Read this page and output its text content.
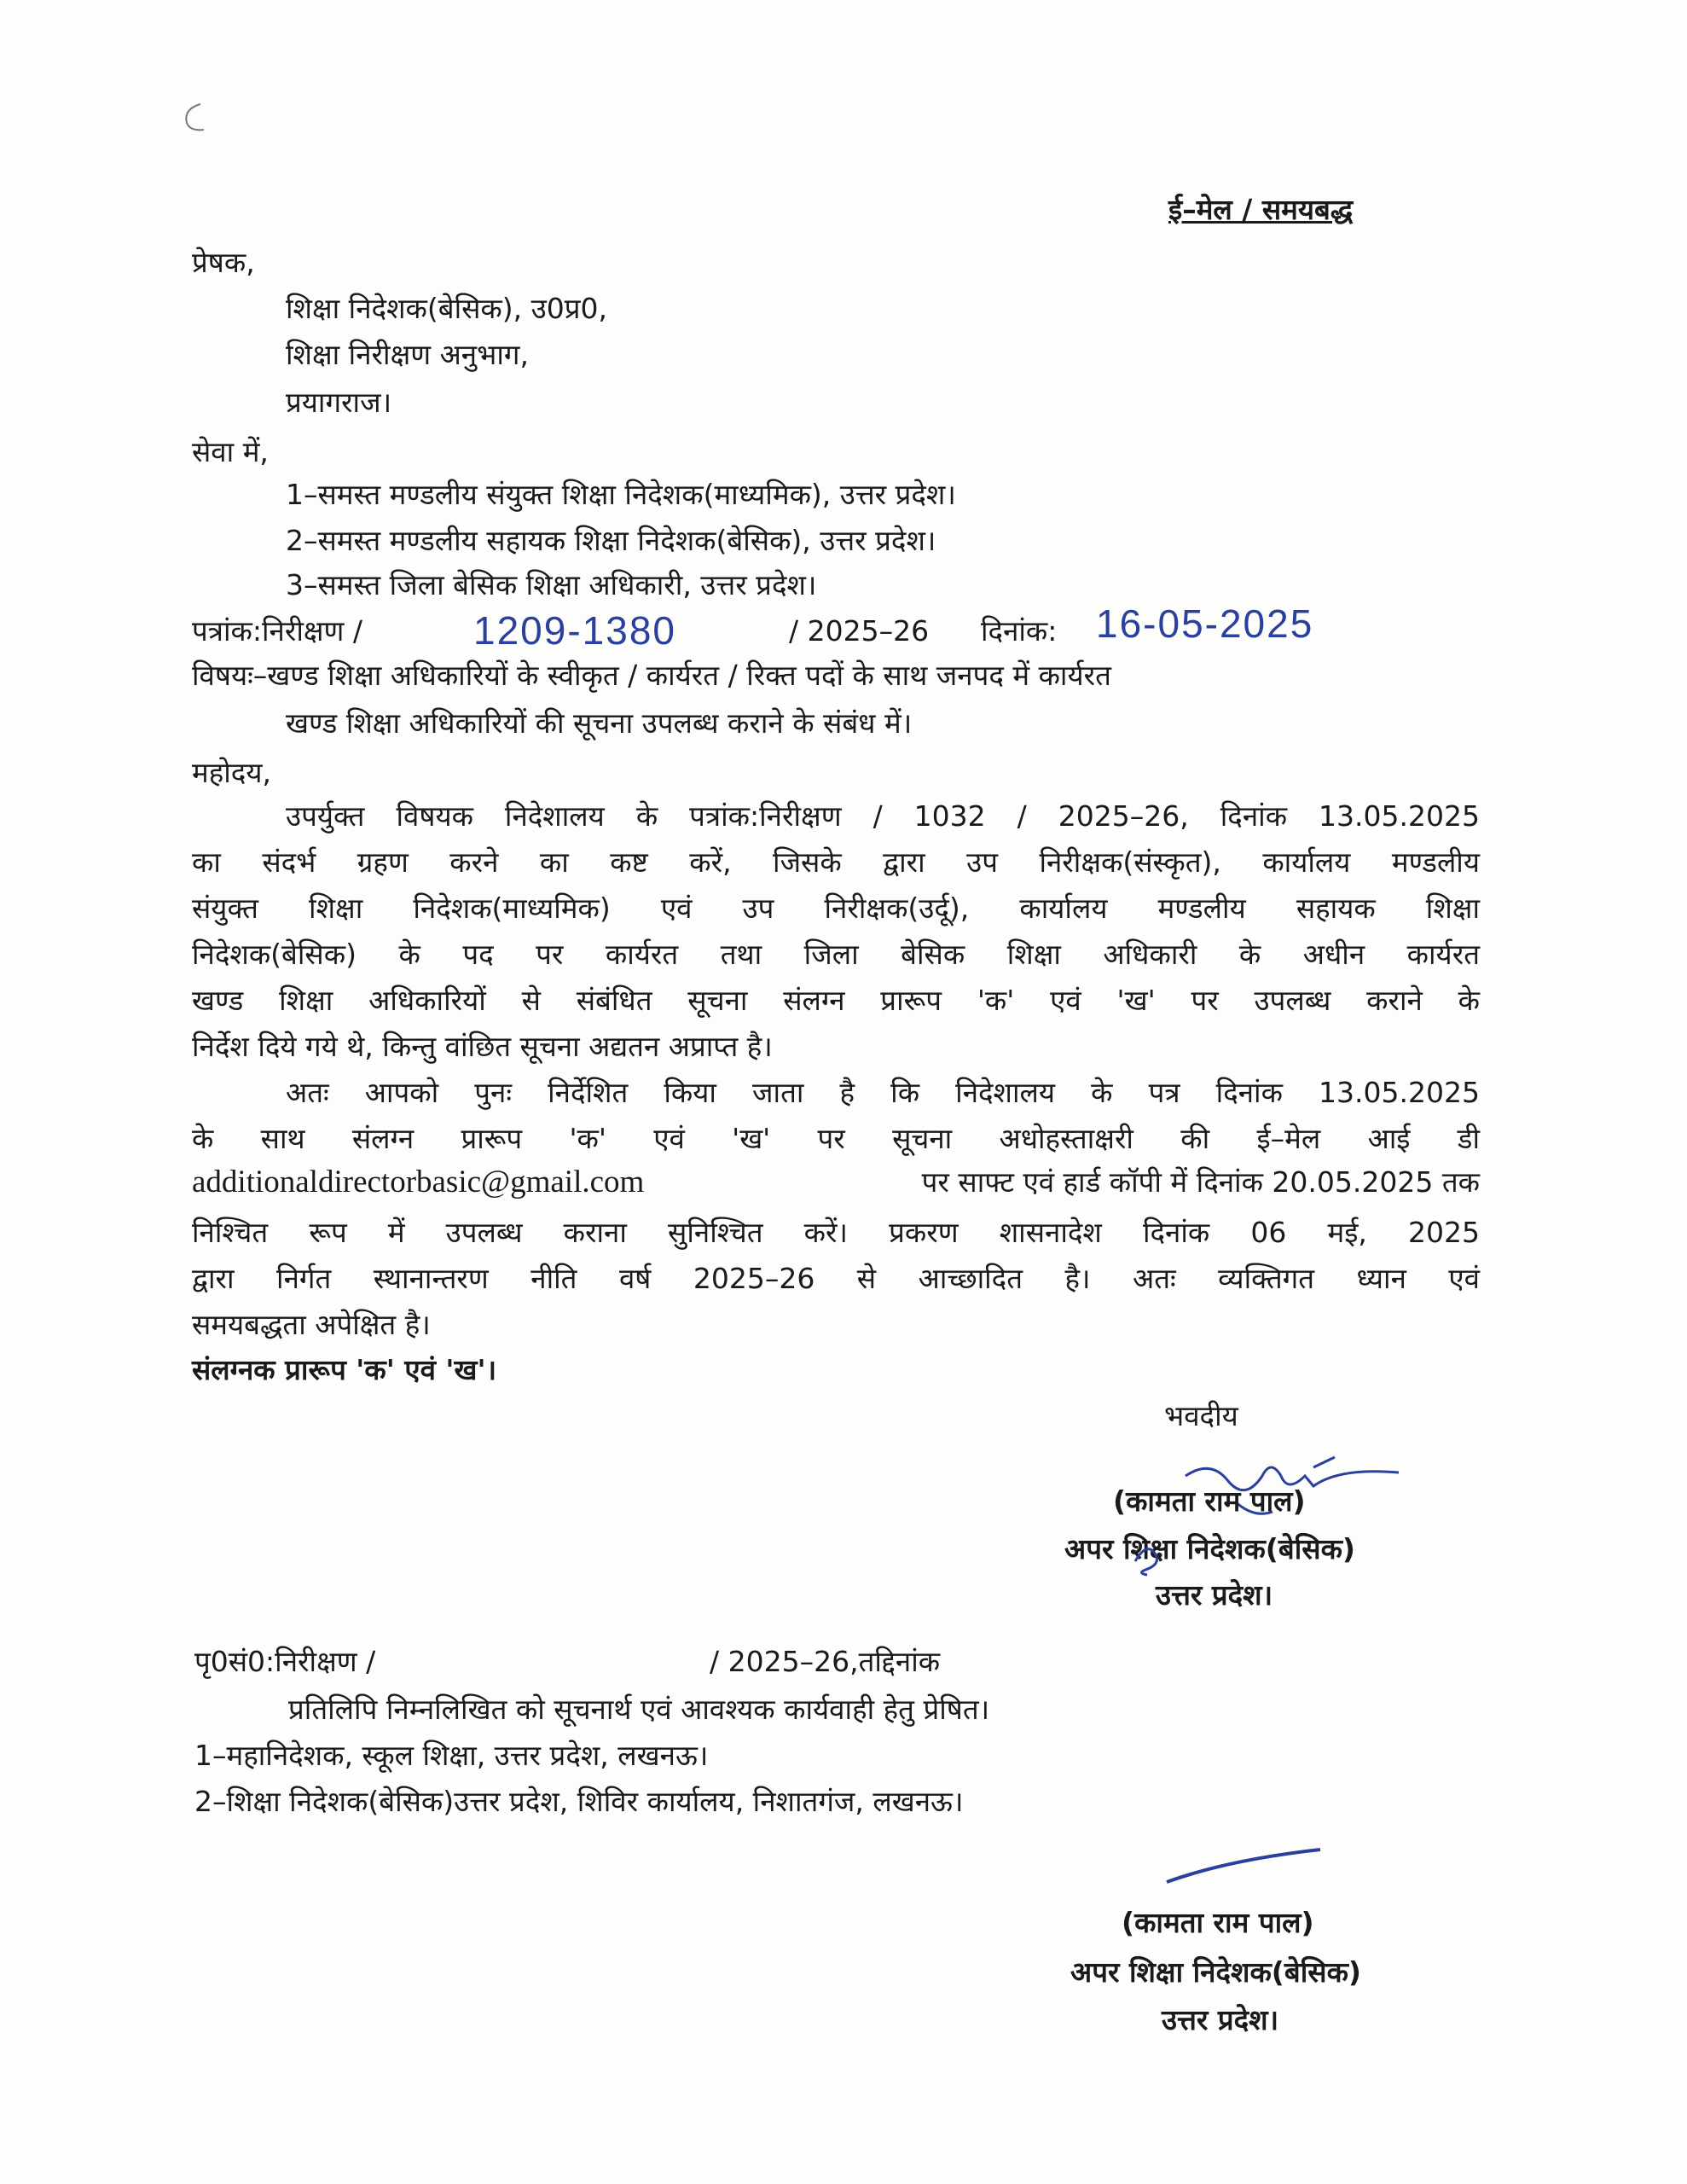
ई–मेल / समयबद्ध
प्रेषक,
शिक्षा निदेशक(बेसिक), उ0प्र0,
शिक्षा निरीक्षण अनुभाग,
प्रयागराज।
सेवा में,
1–समस्त मण्डलीय संयुक्त शिक्षा निदेशक(माध्यमिक), उत्तर प्रदेश।
2–समस्त मण्डलीय सहायक शिक्षा निदेशक(बेसिक), उत्तर प्रदेश।
3–समस्त जिला बेसिक शिक्षा अधिकारी, उत्तर प्रदेश।
पत्रांक:निरीक्षण /	1209-1380	/ 2025–26 दिनांक: 16-05-2025
विषयः–खण्ड शिक्षा अधिकारियों के स्वीकृत / कार्यरत / रिक्त पदों के साथ जनपद में कार्यरत
खण्ड शिक्षा अधिकारियों की सूचना उपलब्ध कराने के संबंध में।
महोदय,
उपर्युक्त विषयक निदेशालय के पत्रांक:निरीक्षण / 1032 / 2025–26, दिनांक 13.05.2025
का संदर्भ ग्रहण करने का कष्ट करें, जिसके द्वारा उप निरीक्षक(संस्कृत), कार्यालय मण्डलीय
संयुक्त शिक्षा निदेशक(माध्यमिक) एवं उप निरीक्षक(उर्दू), कार्यालय मण्डलीय सहायक शिक्षा
निदेशक(बेसिक) के पद पर कार्यरत तथा जिला बेसिक शिक्षा अधिकारी के अधीन कार्यरत
खण्ड शिक्षा अधिकारियों से संबंधित सूचना संलग्न प्रारूप 'क' एवं 'ख' पर उपलब्ध कराने के
निर्देश दिये गये थे, किन्तु वांछित सूचना अद्यतन अप्राप्त है।
अतः आपको पुनः निर्देशित किया जाता है कि निदेशालय के पत्र दिनांक 13.05.2025
के साथ संलग्न प्रारूप 'क' एवं 'ख' पर सूचना अधोहस्ताक्षरी की ई–मेल आई डी
additionaldirectorbasic@gmail.com	पर साफ्ट एवं हार्ड कॉपी में दिनांक 20.05.2025 तक
निश्चित रूप में उपलब्ध कराना सुनिश्चित करें। प्रकरण शासनादेश दिनांक 06 मई, 2025
द्वारा निर्गत स्थानान्तरण नीति वर्ष 2025–26 से आच्छादित है। अतः व्यक्तिगत ध्यान एवं
समयबद्धता अपेक्षित है।
संलग्नक प्रारूप 'क' एवं 'ख'।
भवदीय
(कामता राम पाल)
अपर शिक्षा निदेशक(बेसिक)
उत्तर प्रदेश।
पृ0सं0:निरीक्षण /	/ 2025–26,तद्दिनांक
प्रतिलिपि निम्नलिखित को सूचनार्थ एवं आवश्यक कार्यवाही हेतु प्रेषित।
1–महानिदेशक, स्कूल शिक्षा, उत्तर प्रदेश, लखनऊ।
2–शिक्षा निदेशक(बेसिक)उत्तर प्रदेश, शिविर कार्यालय, निशातगंज, लखनऊ।
(कामता राम पाल)
अपर शिक्षा निदेशक(बेसिक)
उत्तर प्रदेश।
